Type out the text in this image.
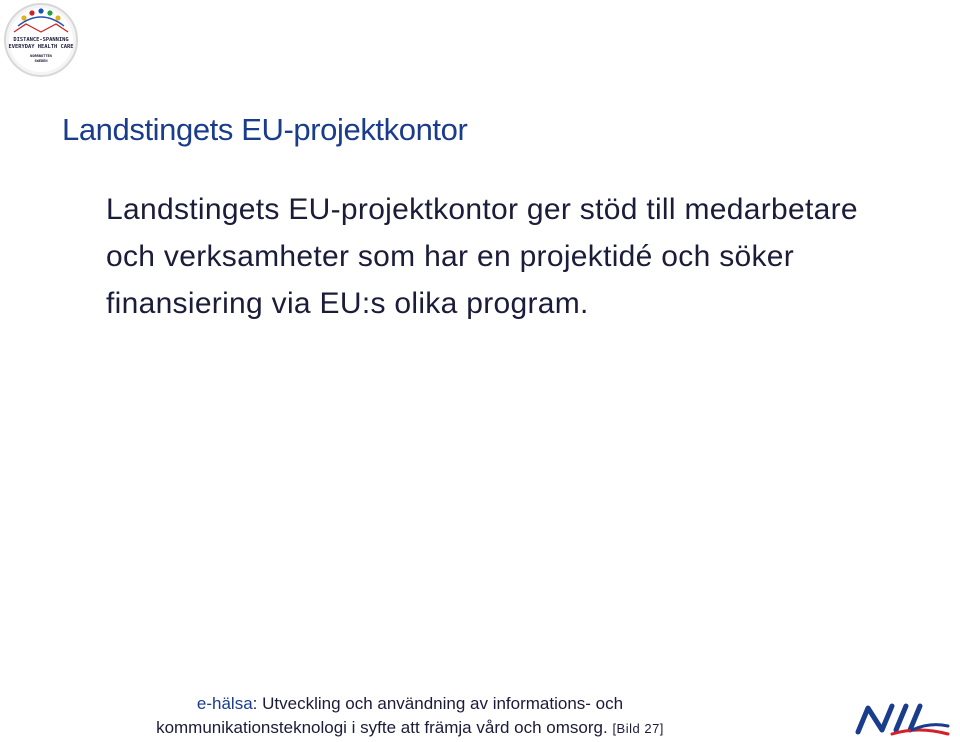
DISTANCE-SPANNING
EVERYDAY HEALTH CARE
NORRBOTTEN
SWEDEN
Landstingets EU-projektkontor

Landstingets EU-projektkontor ger stöd till medarbetare och verksamheter som har en projektidé och söker finansiering via EU:s olika program.

e-hälsa: Utveckling och användning av informations- och
kommunikationsteknologi i syfte att främja vård och omsorg. [Bild 27]
